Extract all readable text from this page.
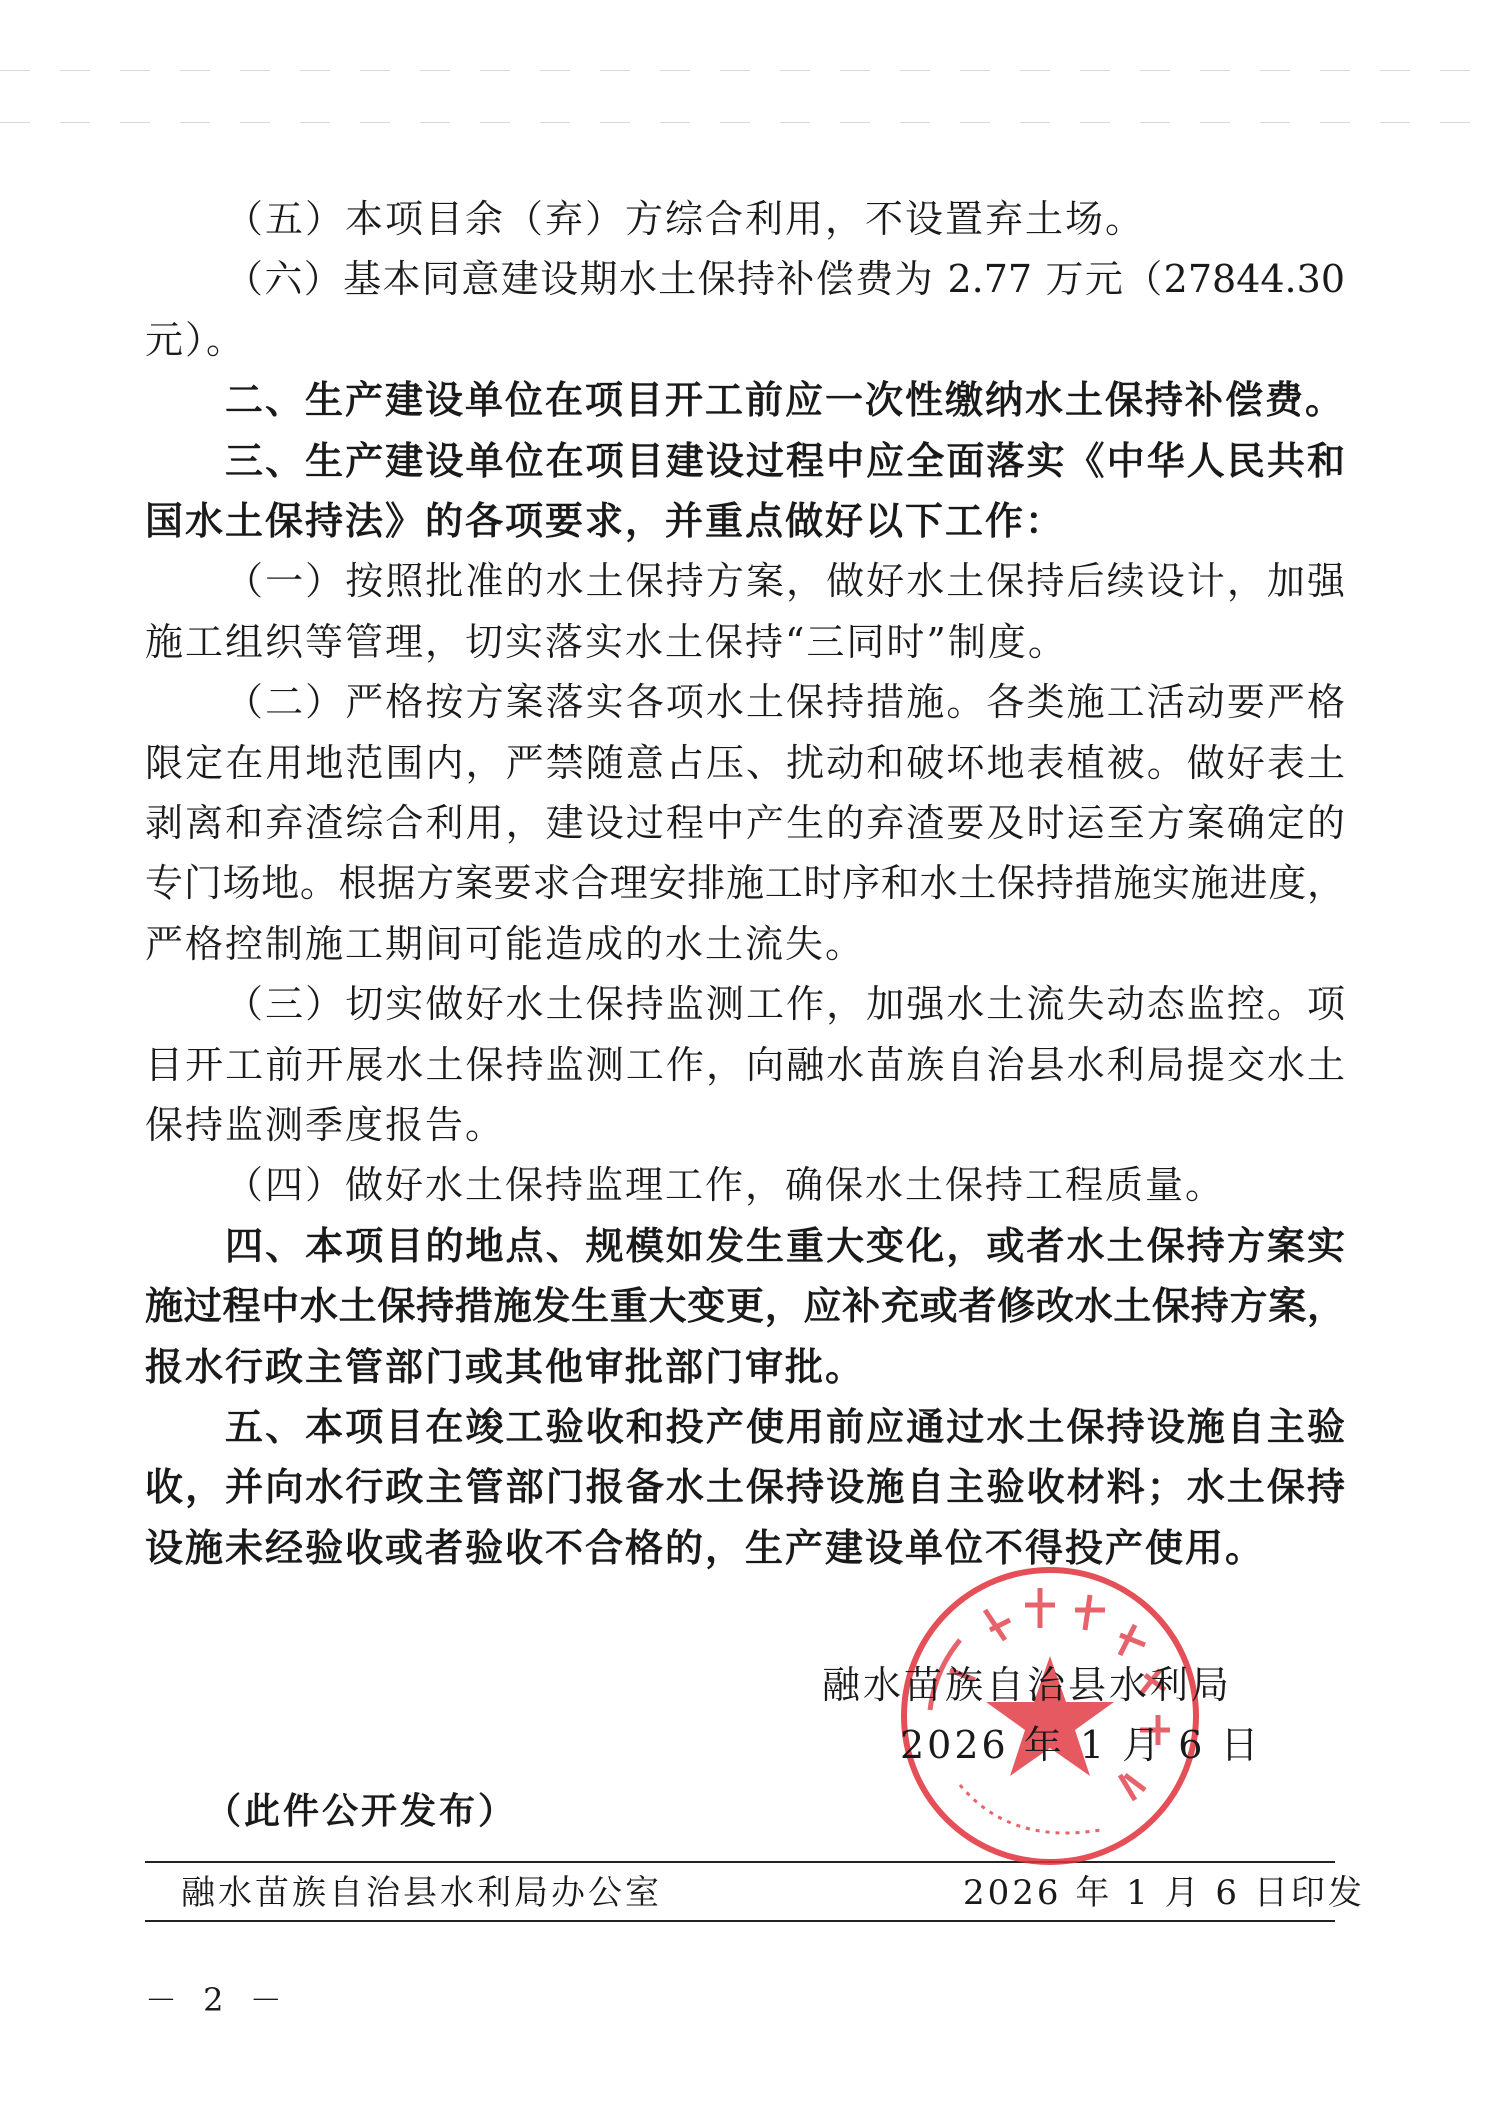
（五）本项目余（弃）方综合利用，不设置弃土场。
（六）基本同意建设期水土保持补偿费为 2.77 万元（27844.30
元）。
二、生产建设单位在项目开工前应一次性缴纳水土保持补偿费。
三、生产建设单位在项目建设过程中应全面落实《中华人民共和
国水土保持法》的各项要求，并重点做好以下工作：
（一）按照批准的水土保持方案，做好水土保持后续设计，加强
施工组织等管理，切实落实水土保持“三同时”制度。
（二）严格按方案落实各项水土保持措施。各类施工活动要严格
限定在用地范围内，严禁随意占压、扰动和破坏地表植被。做好表土
剥离和弃渣综合利用，建设过程中产生的弃渣要及时运至方案确定的
专门场地。根据方案要求合理安排施工时序和水土保持措施实施进度，
严格控制施工期间可能造成的水土流失。
（三）切实做好水土保持监测工作，加强水土流失动态监控。项
目开工前开展水土保持监测工作，向融水苗族自治县水利局提交水土
保持监测季度报告。
（四）做好水土保持监理工作，确保水土保持工程质量。
四、本项目的地点、规模如发生重大变化，或者水土保持方案实
施过程中水土保持措施发生重大变更，应补充或者修改水土保持方案，
报水行政主管部门或其他审批部门审批。
五、本项目在竣工验收和投产使用前应通过水土保持设施自主验
收，并向水行政主管部门报备水土保持设施自主验收材料；水土保持
设施未经验收或者验收不合格的，生产建设单位不得投产使用。
融水苗族自治县水利局
2026 年 1 月 6 日
（此件公开发布）
融水苗族自治县水利局办公室	2026 年 1 月 6 日印发
－ 2 －
